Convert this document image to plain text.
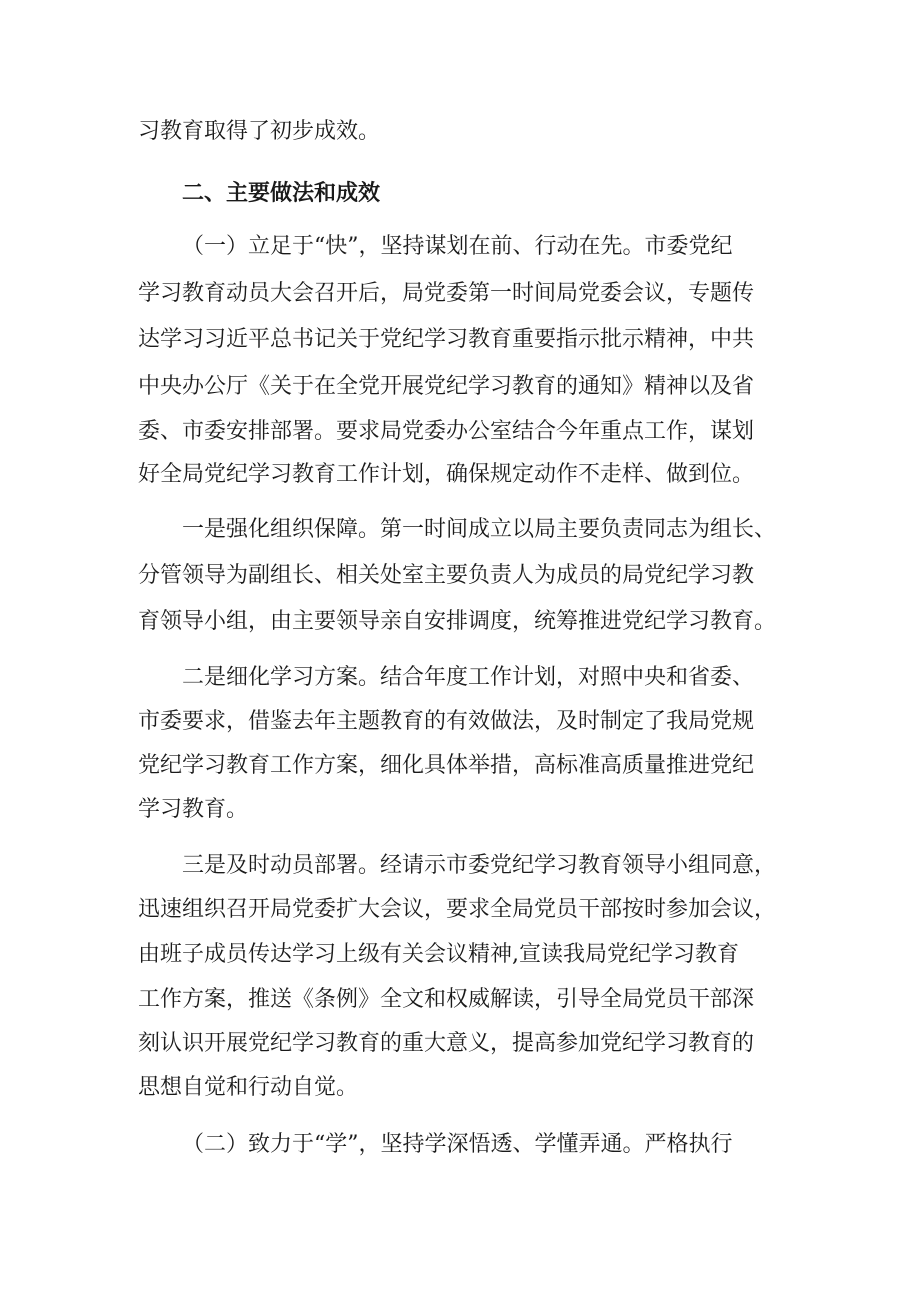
习教育取得了初步成效。
二、主要做法和成效
（一）立足于“快”，坚持谋划在前、行动在先。市委党纪
学习教育动员大会召开后，局党委第一时间局党委会议，专题传
达学习习近平总书记关于党纪学习教育重要指示批示精神，中共
中央办公厅《关于在全党开展党纪学习教育的通知》精神以及省
委、市委安排部署。要求局党委办公室结合今年重点工作，谋划
好全局党纪学习教育工作计划，确保规定动作不走样、做到位。
一是强化组织保障。第一时间成立以局主要负责同志为组长、
分管领导为副组长、相关处室主要负责人为成员的局党纪学习教
育领导小组，由主要领导亲自安排调度，统筹推进党纪学习教育。
二是细化学习方案。结合年度工作计划，对照中央和省委、
市委要求，借鉴去年主题教育的有效做法，及时制定了我局党规
党纪学习教育工作方案，细化具体举措，高标准高质量推进党纪
学习教育。
三是及时动员部署。经请示市委党纪学习教育领导小组同意，
迅速组织召开局党委扩大会议，要求全局党员干部按时参加会议，
由班子成员传达学习上级有关会议精神,宣读我局党纪学习教育
工作方案，推送《条例》全文和权威解读，引导全局党员干部深
刻认识开展党纪学习教育的重大意义，提高参加党纪学习教育的
思想自觉和行动自觉。
（二）致力于“学”，坚持学深悟透、学懂弄通。严格执行
